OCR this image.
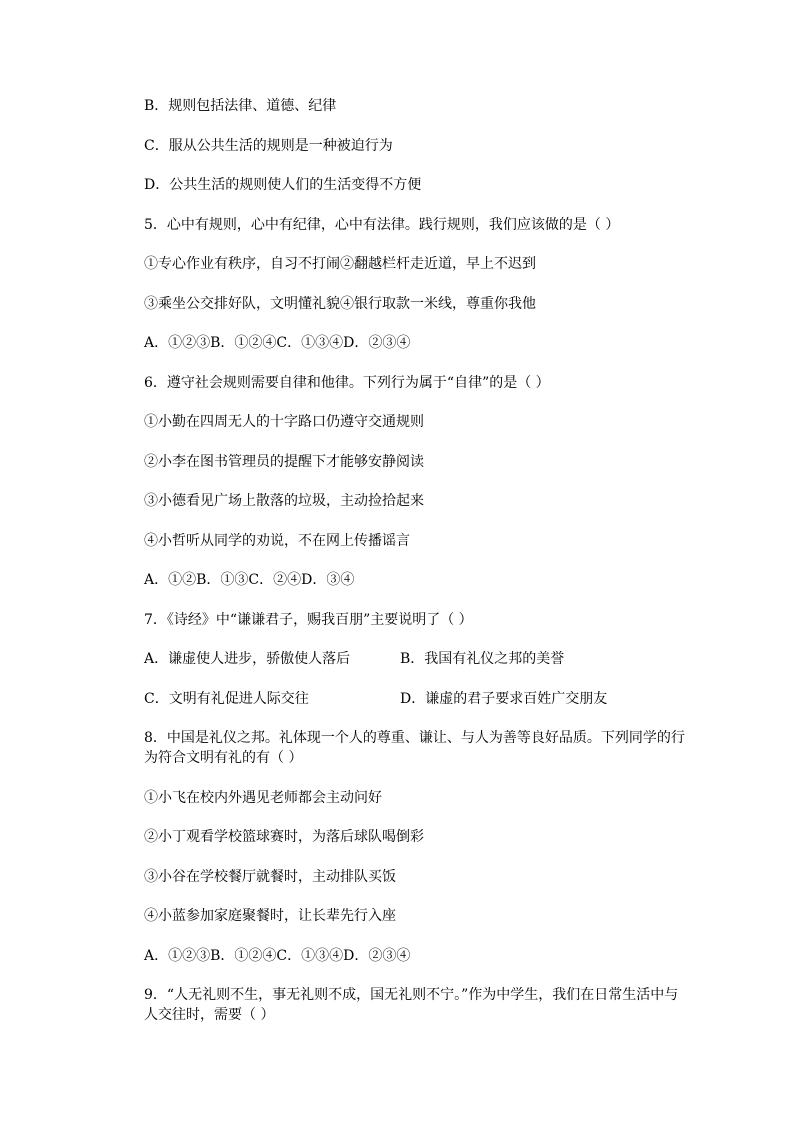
B．规则包括法律、道德、纪律
C．服从公共生活的规则是一种被迫行为
D．公共生活的规则使人们的生活变得不方便
5．心中有规则，心中有纪律，心中有法律。践行规则，我们应该做的是（ ）
①专心作业有秩序，自习不打闹②翻越栏杆走近道，早上不迟到
③乘坐公交排好队，文明懂礼貌④银行取款一米线，尊重你我他
A．①②③B．①②④C．①③④D．②③④
6．遵守社会规则需要自律和他律。下列行为属于“自律”的是（ ）
①小勤在四周无人的十字路口仍遵守交通规则
②小李在图书管理员的提醒下才能够安静阅读
③小德看见广场上散落的垃圾，主动捡拾起来
④小哲听从同学的劝说，不在网上传播谣言
A．①②B．①③C．②④D．③④
7．《诗经》中“谦谦君子，赐我百朋”主要说明了（ ）
A．谦虚使人进步，骄傲使人落后	B．我国有礼仪之邦的美誉
C．文明有礼促进人际交往	D．谦虚的君子要求百姓广交朋友
8．中国是礼仪之邦。礼体现一个人的尊重、谦让、与人为善等良好品质。下列同学的行
为符合文明有礼的有（ ）
①小飞在校内外遇见老师都会主动问好
②小丁观看学校篮球赛时，为落后球队喝倒彩
③小谷在学校餐厅就餐时，主动排队买饭
④小蓝参加家庭聚餐时，让长辈先行入座
A．①②③B．①②④C．①③④D．②③④
9．“人无礼则不生，事无礼则不成，国无礼则不宁。”作为中学生，我们在日常生活中与
人交往时，需要（ ）
